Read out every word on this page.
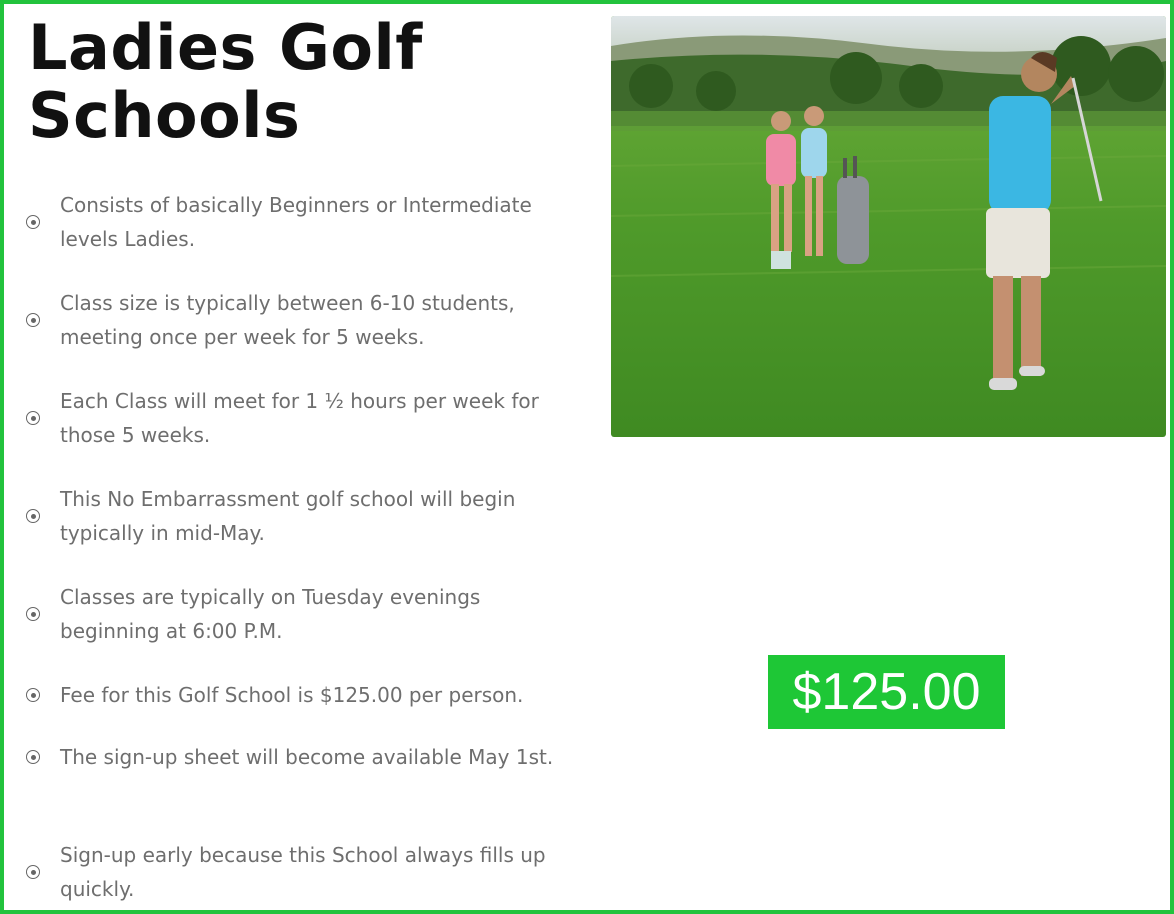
Ladies Golf
Schools
Consists of basically Beginners or Intermediate levels Ladies.
Class size is typically between 6-10 students, meeting once per week for 5 weeks.
Each Class will meet for 1 ½ hours per week for those 5 weeks.
This No Embarrassment golf school will begin typically in mid-May.
Classes are typically on Tuesday evenings beginning at 6:00 P.M.
Fee for this Golf School is $125.00 per person.
The sign-up sheet will become available May 1st.
Sign-up early because this School always fills up quickly.
$125.00
